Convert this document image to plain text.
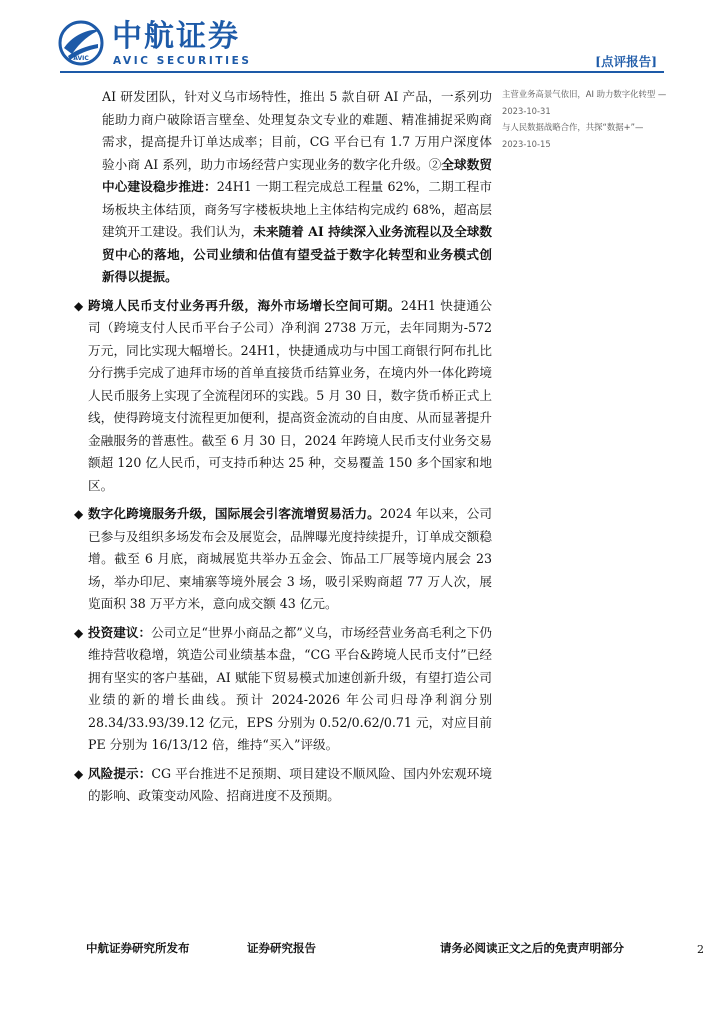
AVIC
中航证券
AVIC SECURITIES	[点评报告]
主营业务高景气依旧，AI 助力数字化转型 —
2023-10-31
与人民数据战略合作，共探“数据+”—
2023-10-15

AI 研发团队，针对义乌市场特性，推出 5 款自研 AI 产品，一系列功能助力商户破除语言壁垒、处理复杂文专业的难题、精准捕捉采购商需求，提高提升订单达成率；目前，CG 平台已有 1.7 万用户深度体验小商 AI 系列，助力市场经营户实现业务的数字化升级。②全球数贸中心建设稳步推进：24H1 一期工程完成总工程量 62%，二期工程市场板块主体结顶，商务写字楼板块地上主体结构完成约 68%，超高层建筑开工建设。我们认为，未来随着 AI 持续深入业务流程以及全球数贸中心的落地，公司业绩和估值有望受益于数字化转型和业务模式创新得以提振。

◆ 跨境人民币支付业务再升级，海外市场增长空间可期。24H1 快捷通公司（跨境支付人民币平台子公司）净利润 2738 万元，去年同期为-572 万元，同比实现大幅增长。24H1，快捷通成功与中国工商银行阿布扎比分行携手完成了迪拜市场的首单直接货币结算业务，在境内外一体化跨境人民币服务上实现了全流程闭环的实践。5 月 30 日，数字货币桥正式上线，使得跨境支付流程更加便利，提高资金流动的自由度、从而显著提升金融服务的普惠性。截至 6 月 30 日，2024 年跨境人民币支付业务交易额超 120 亿人民币，可支持币种达 25 种，交易覆盖 150 多个国家和地区。

◆ 数字化跨境服务升级，国际展会引客流增贸易活力。2024 年以来，公司已参与及组织多场发布会及展览会，品牌曝光度持续提升，订单成交额稳增。截至 6 月底，商城展览共举办五金会、饰品工厂展等境内展会 23 场，举办印尼、柬埔寨等境外展会 3 场，吸引采购商超 77 万人次，展览面积 38 万平方米，意向成交额 43 亿元。

◆ 投资建议：公司立足“世界小商品之都”义乌，市场经营业务高毛利之下仍维持营收稳增，筑造公司业绩基本盘，“CG 平台&跨境人民币支付”已经拥有坚实的客户基础，AI 赋能下贸易模式加速创新升级，有望打造公司业绩的新的增长曲线。预计 2024-2026 年公司归母净利润分别 28.34/33.93/39.12 亿元，EPS 分别为 0.52/0.62/0.71 元，对应目前 PE 分别为 16/13/12 倍，维持“买入”评级。

◆ 风险提示：CG 平台推进不足预期、项目建设不顺风险、国内外宏观环境的影响、政策变动风险、招商进度不及预期。

中航证券研究所发布	证券研究报告	请务必阅读正文之后的免责声明部分	2
